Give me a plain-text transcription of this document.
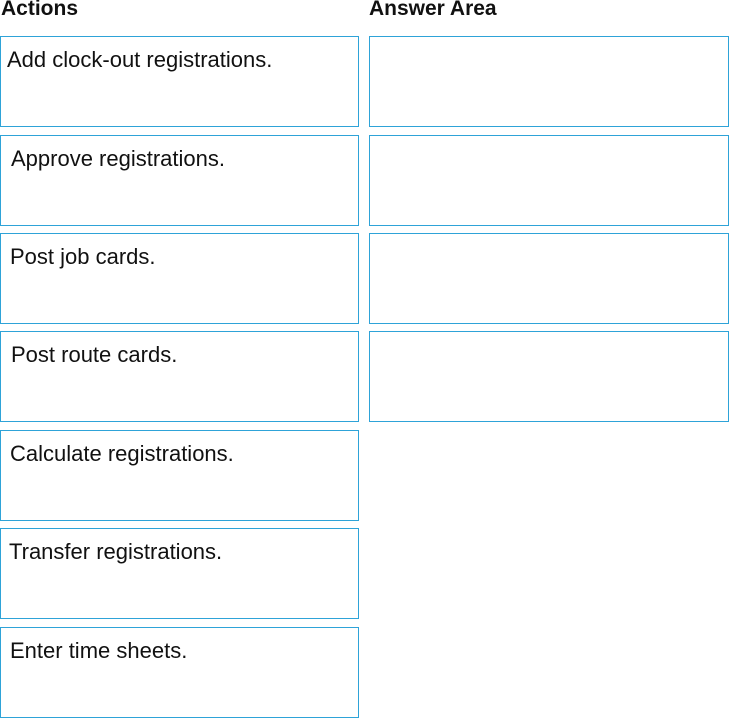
Actions	Answer Area
Add clock-out registrations.
Approve registrations.
Post job cards.
Post route cards.
Calculate registrations.
Transfer registrations.
Enter time sheets.
